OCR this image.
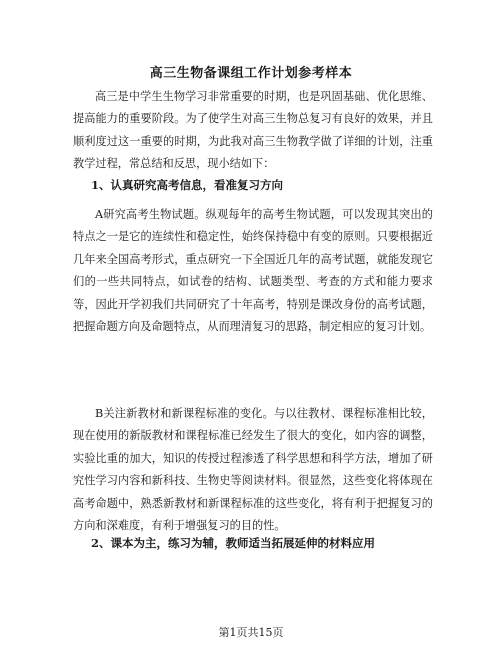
高三生物备课组工作计划参考样本

高三是中学生生物学习非常重要的时期，也是巩固基础、优化思维、提高能力的重要阶段。为了使学生对高三生物总复习有良好的效果，并且顺利度过这一重要的时期，为此我对高三生物教学做了详细的计划，注重教学过程，常总结和反思，现小结如下：

1、认真研究高考信息，看准复习方向

A研究高考生物试题。纵观每年的高考生物试题，可以发现其突出的特点之一是它的连续性和稳定性，始终保持稳中有变的原则。只要根据近几年来全国高考形式，重点研究一下全国近几年的高考试题，就能发现它们的一些共同特点，如试卷的结构、试题类型、考查的方式和能力要求等，因此开学初我们共同研究了十年高考，特别是课改身份的高考试题，把握命题方向及命题特点，从而理清复习的思路，制定相应的复习计划。

B关注新教材和新课程标准的变化。与以往教材、课程标准相比较，现在使用的新版教材和课程标准已经发生了很大的变化，如内容的调整，实验比重的加大，知识的传授过程渗透了科学思想和科学方法，增加了研究性学习内容和新科技、生物史等阅读材料。很显然，这些变化将体现在高考命题中，熟悉新教材和新课程标准的这些变化，将有利于把握复习的方向和深难度，有利于增强复习的目的性。

2、课本为主，练习为辅，教师适当拓展延伸的材料应用

第1页共15页
